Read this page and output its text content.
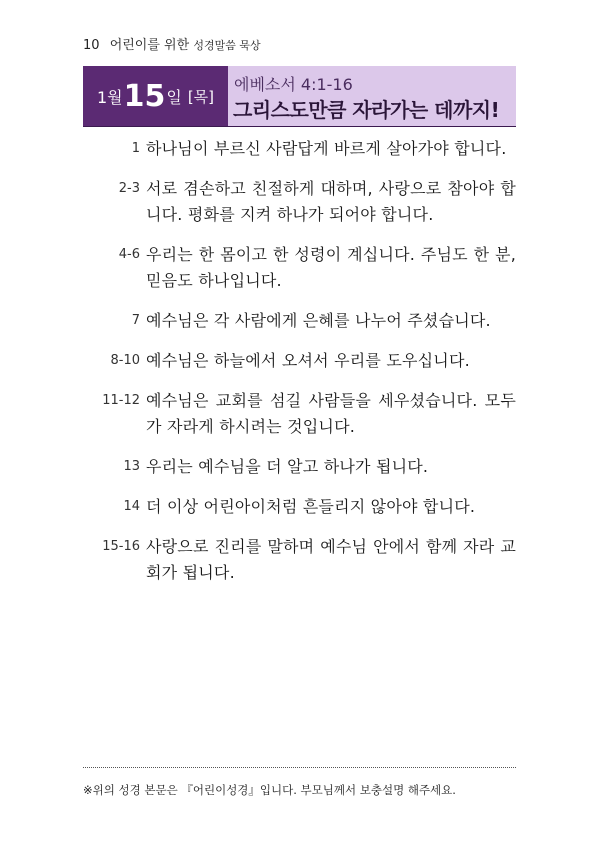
10 어린이를 위한 성경말씀 묵상
1월 15 일 [목]
에베소서 4:1-16
그리스도만큼 자라가는 데까지!
1 하나님이 부르신 사람답게 바르게 살아가야 합니다.
2-3 서로 겸손하고 친절하게 대하며, 사랑으로 참아야 합니다. 평화를 지켜 하나가 되어야 합니다.
4-6 우리는 한 몸이고 한 성령이 계십니다. 주님도 한 분, 믿음도 하나입니다.
7 예수님은 각 사람에게 은혜를 나누어 주셨습니다.
8-10 예수님은 하늘에서 오셔서 우리를 도우십니다.
11-12 예수님은 교회를 섬길 사람들을 세우셨습니다. 모두가 자라게 하시려는 것입니다.
13 우리는 예수님을 더 알고 하나가 됩니다.
14 더 이상 어린아이처럼 흔들리지 않아야 합니다.
15-16 사랑으로 진리를 말하며 예수님 안에서 함께 자라 교회가 됩니다.
※위의 성경 본문은 『어린이성경』입니다. 부모님께서 보충설명 해주세요.
